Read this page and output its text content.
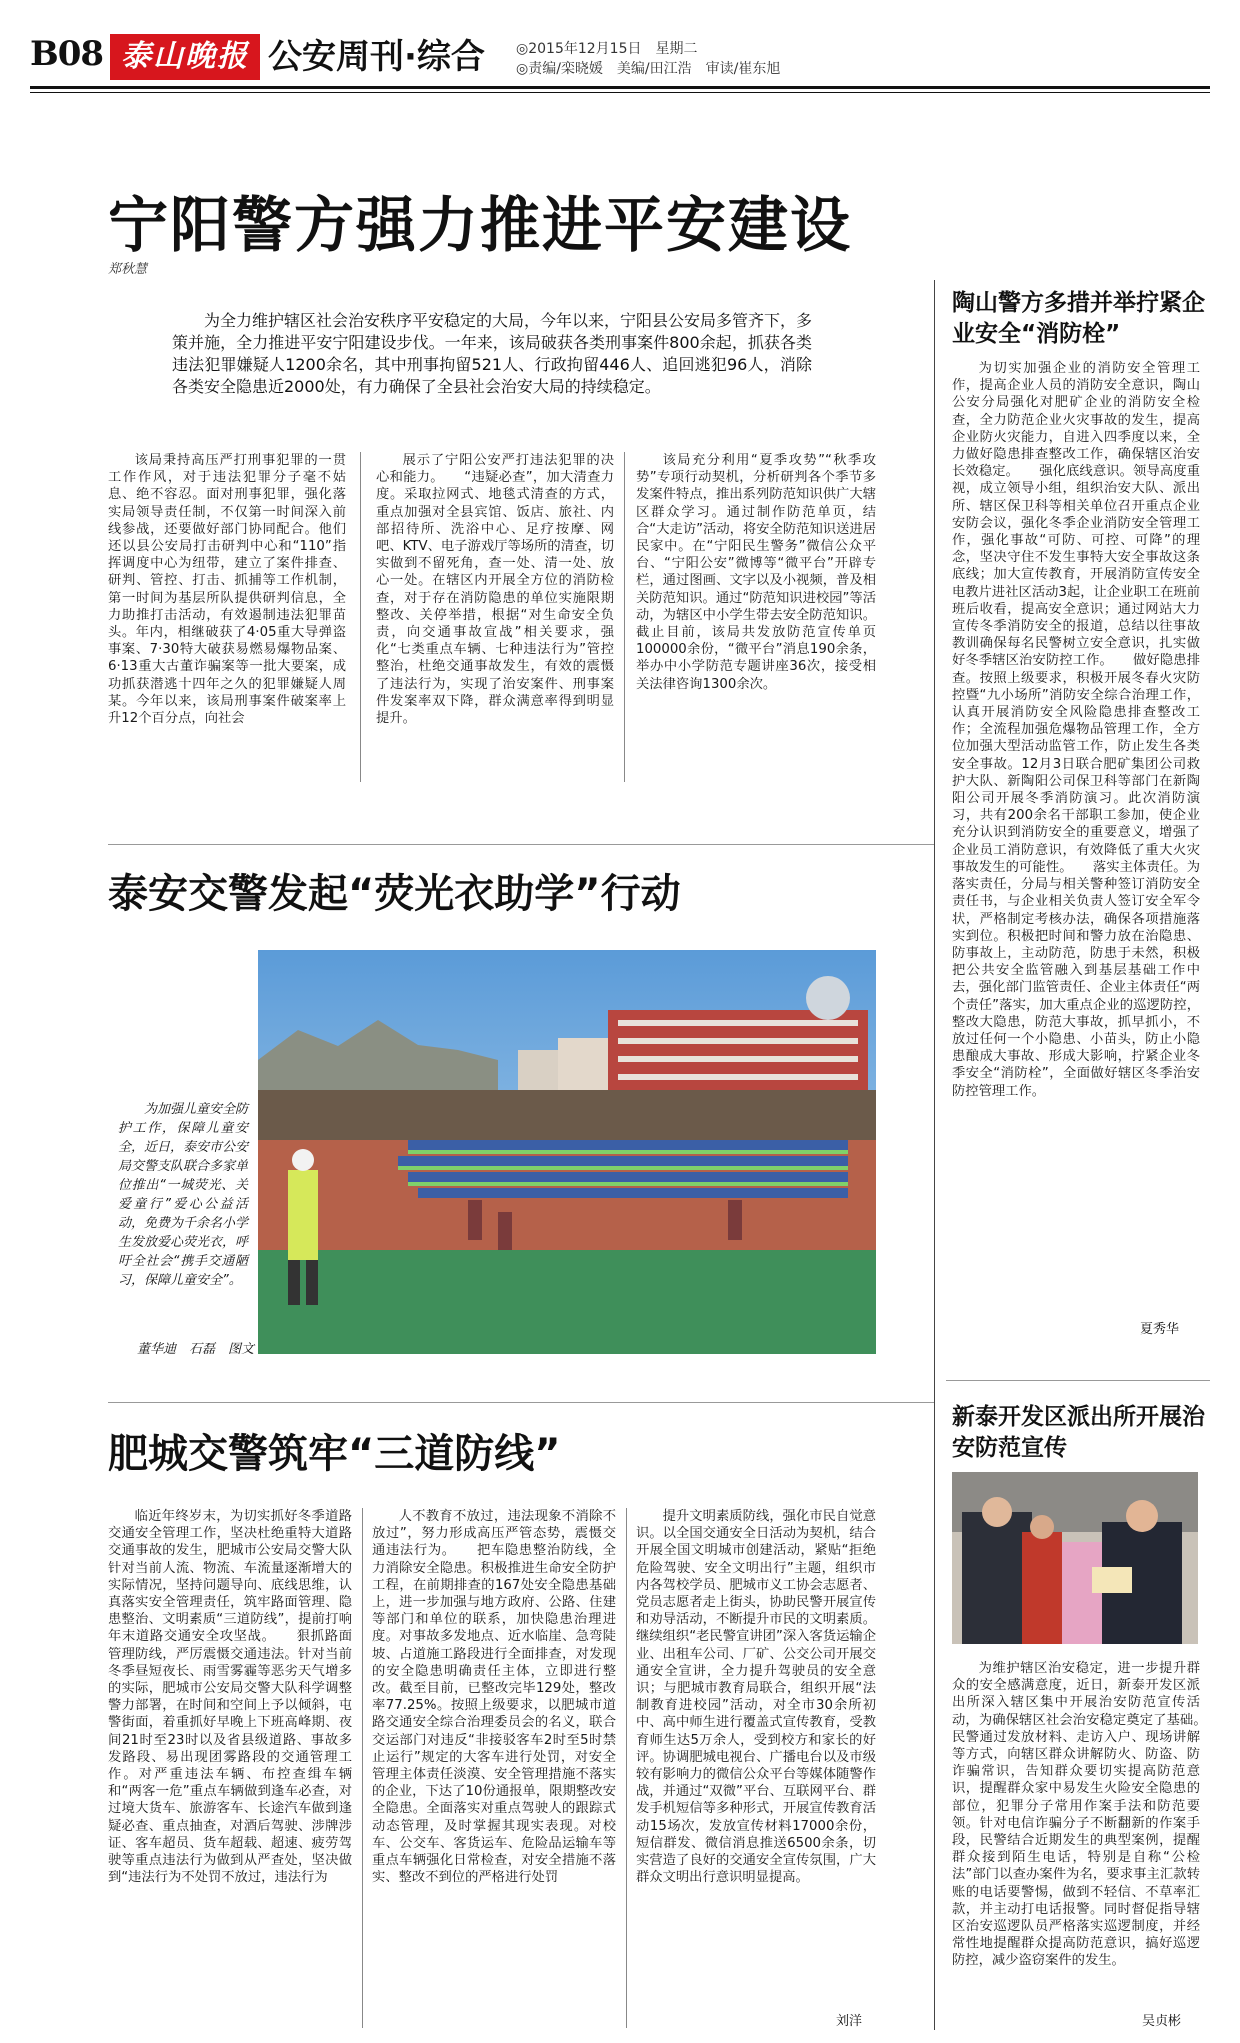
B08 泰山晚报 公安周刊·综合 ◎2015年12月15日　星期二
◎责编/栾晓媛　美编/田江浩　审读/崔东旭
宁阳警方强力推进平安建设
郑秋慧
为全力维护辖区社会治安秩序平安稳定的大局，今年以来，宁阳县公安局多管齐下，多策并施，全力推进平安宁阳建设步伐。一年来，该局破获各类刑事案件800余起，抓获各类违法犯罪嫌疑人1200余名，其中刑事拘留521人、行政拘留446人、追回逃犯96人，消除各类安全隐患近2000处，有力确保了全县社会治安大局的持续稳定。

该局秉持高压严打刑事犯罪的一贯工作作风，对于违法犯罪分子毫不姑息、绝不容忍。面对刑事犯罪，强化落实局领导责任制，不仅第一时间深入前线参战，还要做好部门协同配合。他们还以县公安局打击研判中心和“110”指挥调度中心为纽带，建立了案件排查、研判、管控、打击、抓捕等工作机制，第一时间为基层所队提供研判信息，全力助推打击活动，有效遏制违法犯罪苗头。年内，相继破获了4·05重大导弹盗事案、7·30特大破获易燃易爆物品案、6·13重大古董诈骗案等一批大要案，成功抓获潜逃十四年之久的犯罪嫌疑人周某。今年以来，该局刑事案件破案率上升12个百分点，向社会

展示了宁阳公安严打违法犯罪的决心和能力。　　“违疑必查”，加大清查力度。采取拉网式、地毯式清查的方式，重点加强对全县宾馆、饭店、旅社、内部招待所、洗浴中心、足疗按摩、网吧、KTV、电子游戏厅等场所的清查，切实做到不留死角，查一处、清一处、放心一处。在辖区内开展全方位的消防检查，对于存在消防隐患的单位实施限期整改、关停举措，根据“对生命安全负责，向交通事故宣战”相关要求，强化“七类重点车辆、七种违法行为”管控整治，杜绝交通事故发生，有效的震慑了违法行为，实现了治安案件、刑事案件发案率双下降，群众满意率得到明显提升。

该局充分利用“夏季攻势”“秋季攻势”专项行动契机，分析研判各个季节多发案件特点，推出系列防范知识供广大辖区群众学习。通过制作防范单页，结合“大走访”活动，将安全防范知识送进居民家中。在“宁阳民生警务”微信公众平台、“宁阳公安”微博等“微平台”开辟专栏，通过图画、文字以及小视频，普及相关防范知识。通过“防范知识进校园”等活动，为辖区中小学生带去安全防范知识。截止目前，该局共发放防范宣传单页100000余份，“微平台”消息190余条，举办中小学防范专题讲座36次，接受相关法律咨询1300余次。

泰安交警发起“荧光衣助学”行动
为加强儿童安全防护工作，保障儿童安全，近日，泰安市公安局交警支队联合多家单位推出“一城荧光、关爱童行”爱心公益活动，免费为千余名小学生发放爱心荧光衣，呼吁全社会“携手交通陋习，保障儿童安全”。
董华迪　石磊　图文
肥城交警筑牢“三道防线”

临近年终岁末，为切实抓好冬季道路交通安全管理工作，坚决杜绝重特大道路交通事故的发生，肥城市公安局交警大队针对当前人流、物流、车流量逐渐增大的实际情况，坚持问题导向、底线思维，认真落实安全管理责任，筑牢路面管理、隐患整治、文明素质“三道防线”，提前打响年末道路交通安全攻坚战。　　狠抓路面管理防线，严厉震慑交通违法。针对当前冬季昼短夜长、雨雪雾霾等恶劣天气增多的实际，肥城市公安局交警大队科学调整警力部署，在时间和空间上予以倾斜，屯警街面，着重抓好早晚上下班高峰期、夜间21时至23时以及省县级道路、事故多发路段、易出现团雾路段的交通管理工作。对严重违法车辆、布控查缉车辆和“两客一危”重点车辆做到逢车必查，对过境大货车、旅游客车、长途汽车做到逢疑必查、重点抽查，对酒后驾驶、涉牌涉证、客车超员、货车超载、超速、疲劳驾驶等重点违法行为做到从严查处，坚决做到“违法行为不处罚不放过，违法行为

人不教育不放过，违法现象不消除不放过”，努力形成高压严管态势，震慑交通违法行为。　　把车隐患整治防线，全力消除安全隐患。积极推进生命安全防护工程，在前期排查的167处安全隐患基础上，进一步加强与地方政府、公路、住建等部门和单位的联系，加快隐患治理进度。对事故多发地点、近水临崖、急弯陡坡、占道施工路段进行全面排查，对发现的安全隐患明确责任主体，立即进行整改。截至目前，已整改完毕129处，整改率77.25%。按照上级要求，以肥城市道路交通安全综合治理委员会的名义，联合交运部门对违反“非接驳客车2时至5时禁止运行”规定的大客车进行处罚，对安全管理主体责任淡漠、安全管理措施不落实的企业，下达了10份通报单，限期整改安全隐患。全面落实对重点驾驶人的跟踪式动态管理，及时掌握其现实表现。对校车、公交车、客货运车、危险品运输车等重点车辆强化日常检查，对安全措施不落实、整改不到位的严格进行处罚

提升文明素质防线，强化市民自觉意识。以全国交通安全日活动为契机，结合开展全国文明城市创建活动，紧贴“拒绝危险驾驶、安全文明出行”主题，组织市内各驾校学员、肥城市义工协会志愿者、党员志愿者走上街头，协助民警开展宣传和劝导活动，不断提升市民的文明素质。继续组织“老民警宣讲团”深入客货运输企业、出租车公司、厂矿、公交公司开展交通安全宣讲，全力提升驾驶员的安全意识；与肥城市教育局联合，组织开展“法制教育进校园”活动，对全市30余所初中、高中师生进行覆盖式宣传教育，受教育师生达5万余人，受到校方和家长的好评。协调肥城电视台、广播电台以及市级较有影响力的微信公众平台等媒体随警作战，并通过“双微”平台、互联网平台、群发手机短信等多种形式，开展宣传教育活动15场次，发放宣传材料17000余份，短信群发、微信消息推送6500余条，切实营造了良好的交通安全宣传氛围，广大群众文明出行意识明显提高。

刘洋
陶山警方多措并举拧紧企业安全“消防栓”

为切实加强企业的消防安全管理工作，提高企业人员的消防安全意识，陶山公安分局强化对肥矿企业的消防安全检查，全力防范企业火灾事故的发生，提高企业防火灾能力，自进入四季度以来，全力做好隐患排查整改工作，确保辖区治安长效稳定。　　强化底线意识。领导高度重视，成立领导小组，组织治安大队、派出所、辖区保卫科等相关单位召开重点企业安防会议，强化冬季企业消防安全管理工作，强化事故“可防、可控、可降”的理念，坚决守住不发生事特大安全事故这条底线；加大宣传教育，开展消防宣传安全电教片进社区活动3起，让企业职工在班前班后收看，提高安全意识；通过网站大力宣传冬季消防安全的报道，总结以往事故教训确保每名民警树立安全意识，扎实做好冬季辖区治安防控工作。　　做好隐患排查。按照上级要求，积极开展冬春火灾防控暨“九小场所”消防安全综合治理工作，认真开展消防安全风险隐患排查整改工作；全流程加强危爆物品管理工作，全方位加强大型活动监管工作，防止发生各类安全事故。12月3日联合肥矿集团公司救护大队、新陶阳公司保卫科等部门在新陶阳公司开展冬季消防演习。此次消防演习，共有200余名干部职工参加，使企业充分认识到消防安全的重要意义，增强了企业员工消防意识，有效降低了重大火灾事故发生的可能性。　　落实主体责任。为落实责任，分局与相关警种签订消防安全责任书，与企业相关负责人签订安全军令状，严格制定考核办法，确保各项措施落实到位。积极把时间和警力放在治隐患、防事故上，主动防范，防患于未然，积极把公共安全监管融入到基层基础工作中去，强化部门监管责任、企业主体责任“两个责任”落实，加大重点企业的巡逻防控，整改大隐患，防范大事故，抓早抓小，不放过任何一个小隐患、小苗头，防止小隐患酿成大事故、形成大影响，拧紧企业冬季安全“消防栓”，全面做好辖区冬季治安防控管理工作。

夏秀华
新泰开发区派出所开展治安防范宣传

为维护辖区治安稳定，进一步提升群众的安全感满意度，近日，新泰开发区派出所深入辖区集中开展治安防范宣传活动，为确保辖区社会治安稳定奠定了基础。　　民警通过发放材料、走访入户、现场讲解等方式，向辖区群众讲解防火、防盗、防诈骗常识，告知群众要切实提高防范意识，提醒群众家中易发生火险安全隐患的部位，犯罪分子常用作案手法和防范要领。针对电信诈骗分子不断翻新的作案手段，民警结合近期发生的典型案例，提醒群众接到陌生电话，特别是自称“公检法”部门以查办案件为名，要求事主汇款转账的电话要警惕，做到不轻信、不草率汇款，并主动打电话报警。同时督促指导辖区治安巡逻队员严格落实巡逻制度，并经常性地提醒群众提高防范意识，搞好巡逻防控，减少盗窃案件的发生。

吴贞彬
